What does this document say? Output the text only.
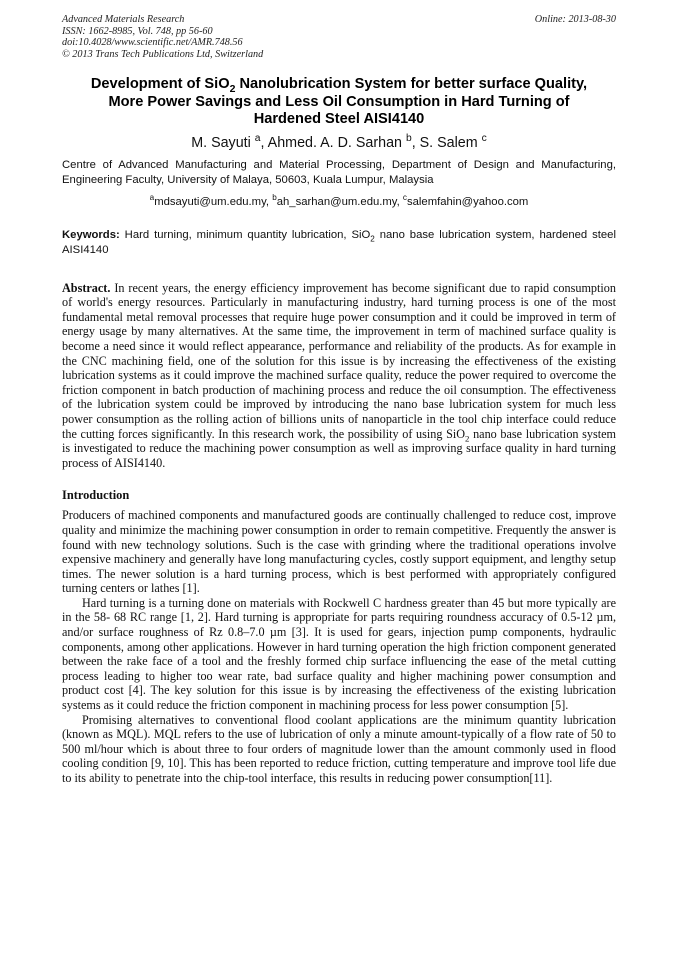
Advanced Materials Research	Online: 2013-08-30
ISSN: 1662-8985, Vol. 748, pp 56-60
doi:10.4028/www.scientific.net/AMR.748.56
© 2013 Trans Tech Publications Ltd, Switzerland
Development of SiO$_2$ Nanolubrication System for better surface Quality,
More Power Savings and Less Oil Consumption in Hard Turning of
Hardened Steel AISI4140
M. Sayuti $^a$, Ahmed. A. D. Sarhan $^b$, S. Salem $^c$
Centre of Advanced Manufacturing and Material Processing, Department of Design and Manufacturing, Engineering Faculty, University of Malaya, 50603, Kuala Lumpur, Malaysia
$^a$mdsayuti@um.edu.my, $^b$ah_sarhan@um.edu.my, $^c$salemfahin@yahoo.com
Keywords: Hard turning, minimum quantity lubrication, SiO$_2$ nano base lubrication system, hardened steel AISI4140
Abstract. In recent years, the energy efficiency improvement has become significant due to rapid consumption of world's energy resources. Particularly in manufacturing industry, hard turning process is one of the most fundamental metal removal processes that require huge power consumption and it could be improved in term of energy usage by many alternatives. At the same time, the improvement in term of machined surface quality is become a need since it would reflect appearance, performance and reliability of the products. As for example in the CNC machining field, one of the solution for this issue is by increasing the effectiveness of the existing lubrication systems as it could improve the machined surface quality, reduce the power required to overcome the friction component in batch production of machining process and reduce the oil consumption. The effectiveness of the lubrication system could be improved by introducing the nano base lubrication system for much less power consumption as the rolling action of billions units of nanoparticle in the tool chip interface could reduce the cutting forces significantly. In this research work, the possibility of using SiO$_2$ nano base lubrication system is investigated to reduce the machining power consumption as well as improving surface quality in hard turning process of AISI4140.
Introduction

Producers of machined components and manufactured goods are continually challenged to reduce cost, improve quality and minimize the machining power consumption in order to remain competitive. Frequently the answer is found with new technology solutions. Such is the case with grinding where the traditional operations involve expensive machinery and generally have long manufacturing cycles, costly support equipment, and lengthy setup times. The newer solution is a hard turning process, which is best performed with appropriately configured turning centers or lathes [1].

Hard turning is a turning done on materials with Rockwell C hardness greater than 45 but more typically are in the 58- 68 RC range [1, 2]. Hard turning is appropriate for parts requiring roundness accuracy of 0.5-12 µm, and/or surface roughness of Rz 0.8–7.0 µm [3]. It is used for gears, injection pump components, hydraulic components, among other applications. However in hard turning operation the high friction component generated between the rake face of a tool and the freshly formed chip surface influencing the ease of the metal cutting process leading to higher too wear rate, bad surface quality and higher machining power consumption and product cost [4]. The key solution for this issue is by increasing the effectiveness of the existing lubrication systems as it could reduce the friction component in machining process for less power consumption [5].

Promising alternatives to conventional flood coolant applications are the minimum quantity lubrication (known as MQL). MQL refers to the use of lubrication of only a minute amount-typically of a flow rate of 50 to 500 ml/hour which is about three to four orders of magnitude lower than the amount commonly used in flood cooling condition [9, 10]. This has been reported to reduce friction, cutting temperature and improve tool life due to its ability to penetrate into the chip-tool interface, this results in reducing power consumption[11].
